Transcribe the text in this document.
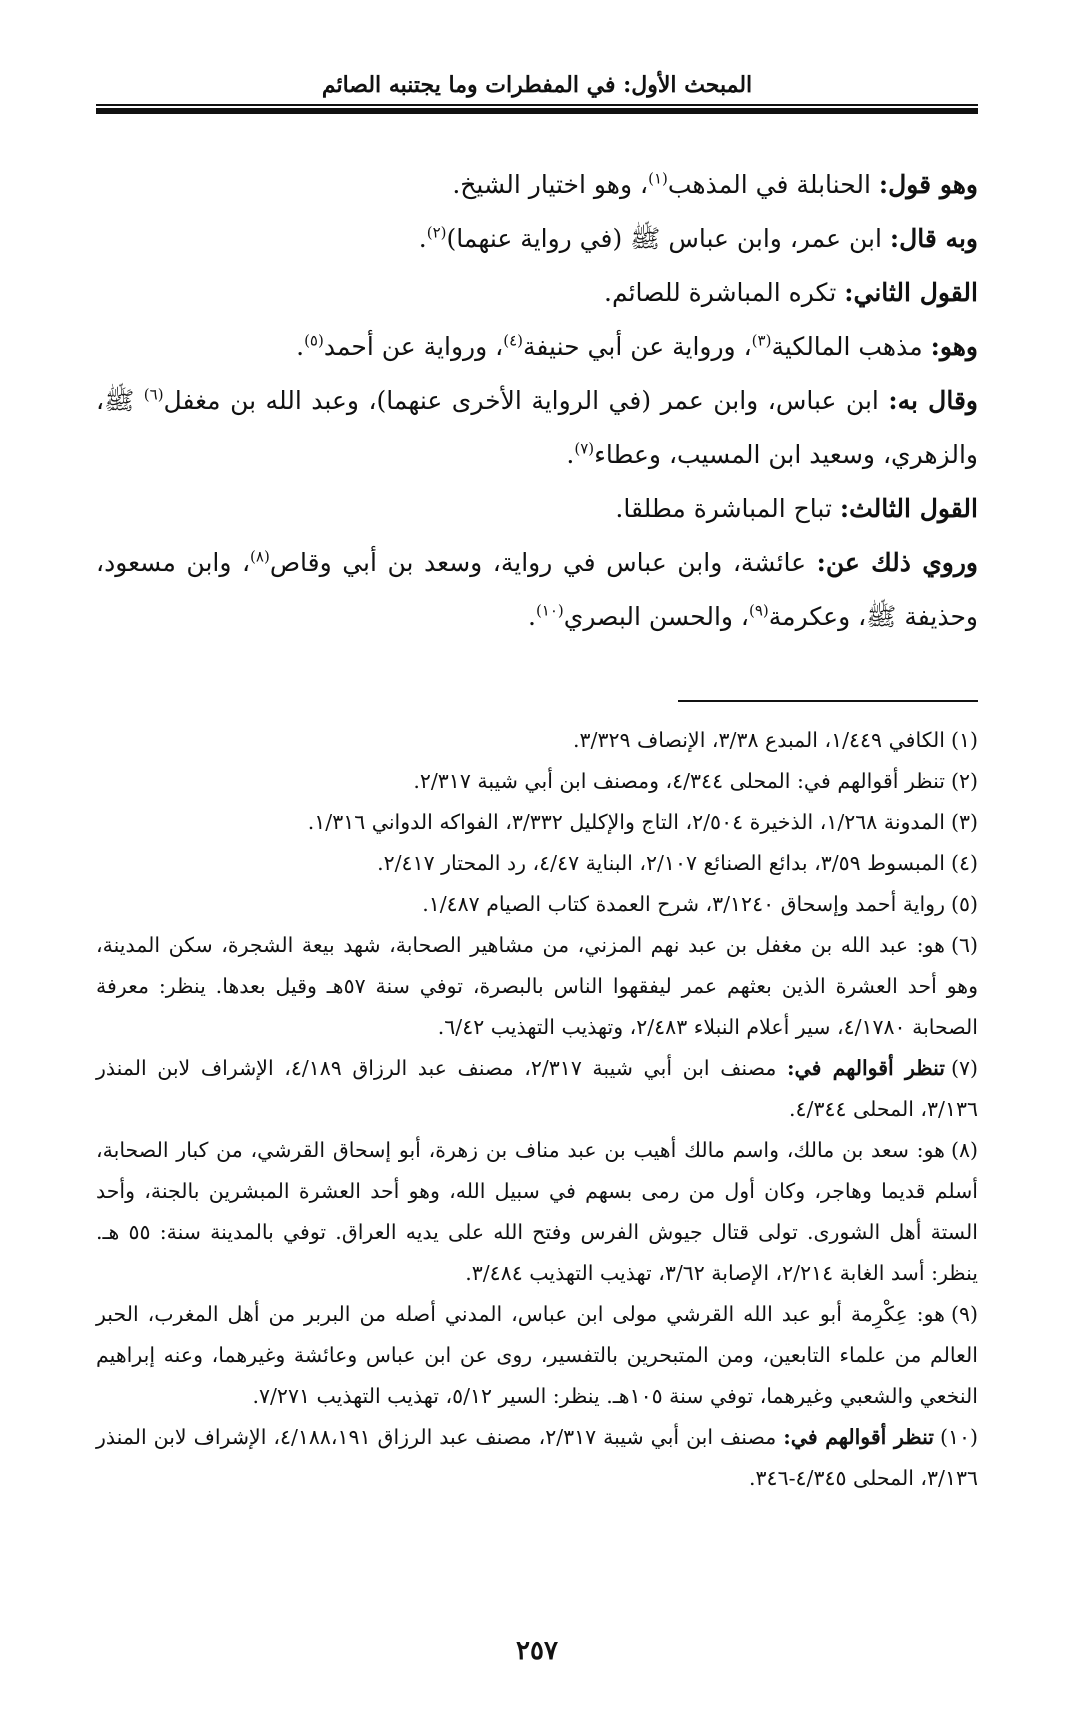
المبحث الأول: في المفطرات وما يجتنبه الصائم

وهو قول: الحنابلة في المذهب$^{(١)}$، وهو اختيار الشيخ.

وبه قال: ابن عمر، وابن عباس ﷺ (في رواية عنهما)$^{(٢)}$.

القول الثاني: تكره المباشرة للصائم.

وهو: مذهب المالكية$^{(٣)}$، ورواية عن أبي حنيفة$^{(٤)}$، ورواية عن أحمد$^{(٥)}$.

وقال به: ابن عباس، وابن عمر (في الرواية الأخرى عنهما)، وعبد الله بن مغفل$^{(٦)}$ ﷺ، والزهري، وسعيد ابن المسيب، وعطاء$^{(٧)}$.

القول الثالث: تباح المباشرة مطلقا.

وروي ذلك عن: عائشة، وابن عباس في رواية، وسعد بن أبي وقاص$^{(٨)}$، وابن مسعود، وحذيفة ﷺ، وعكرمة$^{(٩)}$، والحسن البصري$^{(١٠)}$.

(١)الكافي ١/٤٤٩، المبدع ٣/٣٨، الإنصاف ٣/٣٢٩.

(٢)تنظر أقوالهم في: المحلى ٤/٣٤٤، ومصنف ابن أبي شيبة ٢/٣١٧.

(٣)المدونة ١/٢٦٨، الذخيرة ٢/٥٠٤، التاج والإكليل ٣/٣٣٢، الفواكه الدواني ١/٣١٦.

(٤)المبسوط ٣/٥٩، بدائع الصنائع ٢/١٠٧، البناية ٤/٤٧، رد المحتار ٢/٤١٧.

(٥)رواية أحمد وإسحاق ٣/١٢٤٠، شرح العمدة كتاب الصيام ١/٤٨٧.

(٦)هو: عبد الله بن مغفل بن عبد نهم المزني، من مشاهير الصحابة، شهد بيعة الشجرة، سكن المدينة، وهو أحد العشرة الذين بعثهم عمر ليفقهوا الناس بالبصرة، توفي سنة ٥٧هـ وقيل بعدها. ينظر: معرفة الصحابة ٤/١٧٨٠، سير أعلام النبلاء ٢/٤٨٣، وتهذيب التهذيب ٦/٤٢.

(٧)تنظر أقوالهم في: مصنف ابن أبي شيبة ٢/٣١٧، مصنف عبد الرزاق ٤/١٨٩، الإشراف لابن المنذر ٣/١٣٦، المحلى ٤/٣٤٤.

(٨)هو: سعد بن مالك، واسم مالك أهيب بن عبد مناف بن زهرة، أبو إسحاق القرشي، من كبار الصحابة، أسلم قديما وهاجر، وكان أول من رمى بسهم في سبيل الله، وهو أحد العشرة المبشرين بالجنة، وأحد الستة أهل الشورى. تولى قتال جيوش الفرس وفتح الله على يديه العراق. توفي بالمدينة سنة: ٥٥ هـ. ينظر: أسد الغابة ٢/٢١٤، الإصابة ٣/٦٢، تهذيب التهذيب ٣/٤٨٤.

(٩)هو: عِكْرِمة أبو عبد الله القرشي مولى ابن عباس، المدني أصله من البربر من أهل المغرب، الحبر العالم من علماء التابعين، ومن المتبحرين بالتفسير، روى عن ابن عباس وعائشة وغيرهما، وعنه إبراهيم النخعي والشعبي وغيرهما، توفي سنة ١٠٥هـ. ينظر: السير ٥/١٢، تهذيب التهذيب ٧/٢٧١.

(١٠)تنظر أقوالهم في: مصنف ابن أبي شيبة ٢/٣١٧، مصنف عبد الرزاق ٤/١٨٨،١٩١، الإشراف لابن المنذر ٣/١٣٦، المحلى ٤/٣٤٥-٣٤٦.

٢٥٧
